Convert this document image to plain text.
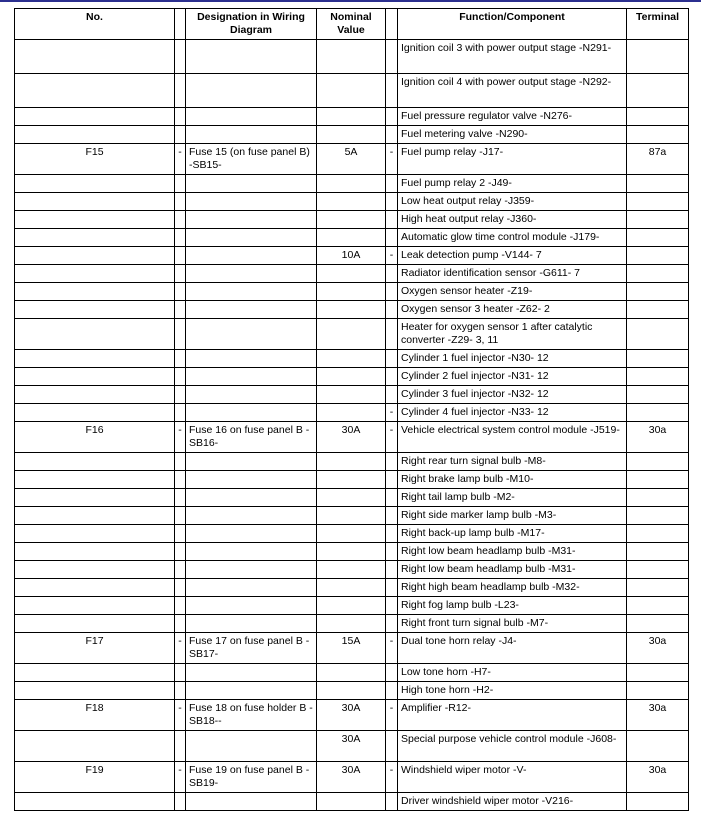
No.		Designation in Wiring Diagram	Nominal Value		Function/Component	Terminal
					Ignition coil 3 with power output stage -N291-	
					Ignition coil 4 with power output stage -N292-	
					Fuel pressure regulator valve -N276-	
					Fuel metering valve -N290-	
F15	-	Fuse 15 (on fuse panel B) -SB15-	5A	-	Fuel pump relay -J17-	87a
					Fuel pump relay 2 -J49-	
					Low heat output relay -J359-	
					High heat output relay -J360-	
					Automatic glow time control module -J179-	
			10A	-	Leak detection pump -V144- 7	
					Radiator identification sensor -G611- 7	
					Oxygen sensor heater -Z19-	
					Oxygen sensor 3 heater -Z62- 2	
					Heater for oxygen sensor 1 after catalytic converter -Z29- 3, 11	
					Cylinder 1 fuel injector -N30- 12	
					Cylinder 2 fuel injector -N31- 12	
					Cylinder 3 fuel injector -N32- 12	
				-	Cylinder 4 fuel injector -N33- 12	
F16	-	Fuse 16 on fuse panel B -SB16-	30A	-	Vehicle electrical system control module -J519-	30a
					Right rear turn signal bulb -M8-	
					Right brake lamp bulb -M10-	
					Right tail lamp bulb -M2-	
					Right side marker lamp bulb -M3-	
					Right back-up lamp bulb -M17-	
					Right low beam headlamp bulb -M31-	
					Right low beam headlamp bulb -M31-	
					Right high beam headlamp bulb -M32-	
					Right fog lamp bulb -L23-	
					Right front turn signal bulb -M7-	
F17	-	Fuse 17 on fuse panel B -SB17-	15A	-	Dual tone horn relay -J4-	30a
					Low tone horn -H7-	
					High tone horn -H2-	
F18	-	Fuse 18 on fuse holder B -SB18--	30A	-	Amplifier -R12-	30a
			30A		Special purpose vehicle control module -J608-	
F19	-	Fuse 19 on fuse panel B -SB19-	30A	-	Windshield wiper motor -V-	30a
					Driver windshield wiper motor -V216-	
